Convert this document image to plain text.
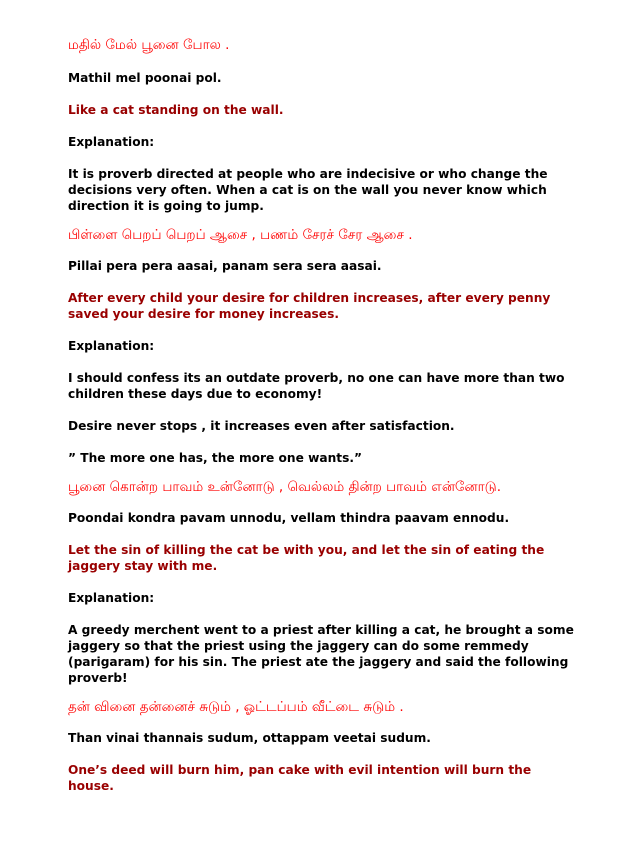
மதில் மேல் பூனை போல .

Mathil mel poonai pol.

Like a cat standing on the wall.

Explanation:

It is proverb directed at people who are indecisive or who change the decisions very often. When a cat is on the wall you never know which direction it is going to jump.

பிள்ளை பெறப் பெறப் ஆசை , பணம் சேரச் சேர ஆசை .

Pillai pera pera aasai, panam sera sera aasai.

After every child your desire for children increases, after every penny saved your desire for money increases.

Explanation:

I should confess its an outdate proverb, no one can have more than two children these days due to economy!

Desire never stops , it increases even after satisfaction.

” The more one has, the more one wants.”

பூனை கொன்ற பாவம் உன்னோடு , வெல்லம் தின்ற பாவம் என்னோடு.

Poondai kondra pavam unnodu, vellam thindra paavam ennodu.

Let the sin of killing the cat be with you, and let the sin of eating the jaggery stay with me.

Explanation:

A greedy merchent went to a priest after killing a cat, he brought a some jaggery so that the priest using the jaggery can do some remmedy (parigaram) for his sin. The priest ate the jaggery and said the following proverb!

தன் வினை தன்னைச் சுடும் , ஓட்டப்பம் வீட்டை சுடும் .

Than vinai thannais sudum, ottappam veetai sudum.

One’s deed will burn him, pan cake with evil intention will burn the house.
